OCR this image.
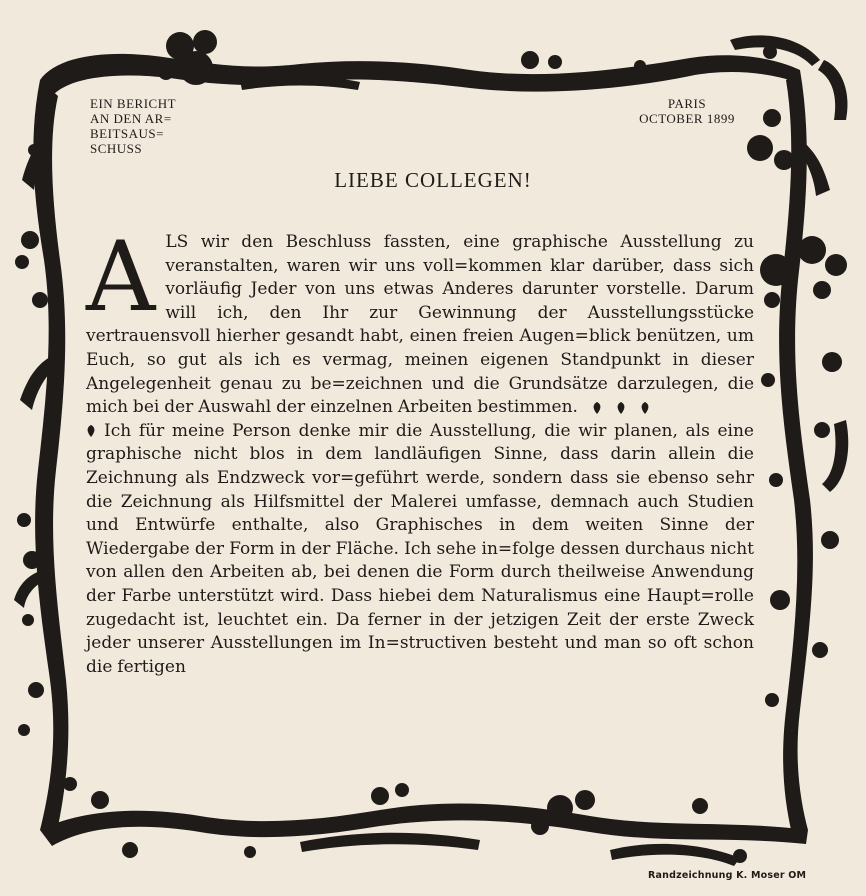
EIN BERICHT
AN DEN AR=
BEITSAUS=
SCHUSS
PARIS
OCTOBER 1899
LIEBE COLLEGEN!

ALS wir den Beschluss fassten, eine graphische Ausstellung zu veranstalten, waren wir uns voll=kommen klar darüber, dass sich vorläufig Jeder von uns etwas Anderes darunter vorstelle. Darum will ich, den Ihr zur Gewinnung der Ausstellungsstücke vertrauensvoll hierher gesandt habt, einen freien Augen=blick benützen, um Euch, so gut als ich es vermag, meinen eigenen Standpunkt in dieser Angelegenheit genau zu be=zeichnen und die Grundsätze darzulegen, die mich bei der Auswahl der einzelnen Arbeiten bestimmen.

Ich für meine Person denke mir die Ausstellung, die wir planen, als eine graphische nicht blos in dem landläufigen Sinne, dass darin allein die Zeichnung als Endzweck vor=geführt werde, sondern dass sie ebenso sehr die Zeichnung als Hilfsmittel der Malerei umfasse, demnach auch Studien und Entwürfe enthalte, also Graphisches in dem weiten Sinne der Wiedergabe der Form in der Fläche. Ich sehe in=folge dessen durchaus nicht von allen den Arbeiten ab, bei denen die Form durch theilweise Anwendung der Farbe unterstützt wird. Dass hiebei dem Naturalismus eine Haupt=rolle zugedacht ist, leuchtet ein. Da ferner in der jetzigen Zeit der erste Zweck jeder unserer Ausstellungen im In=structiven besteht und man so oft schon die fertigen

Randzeichnung K. Moser OM
